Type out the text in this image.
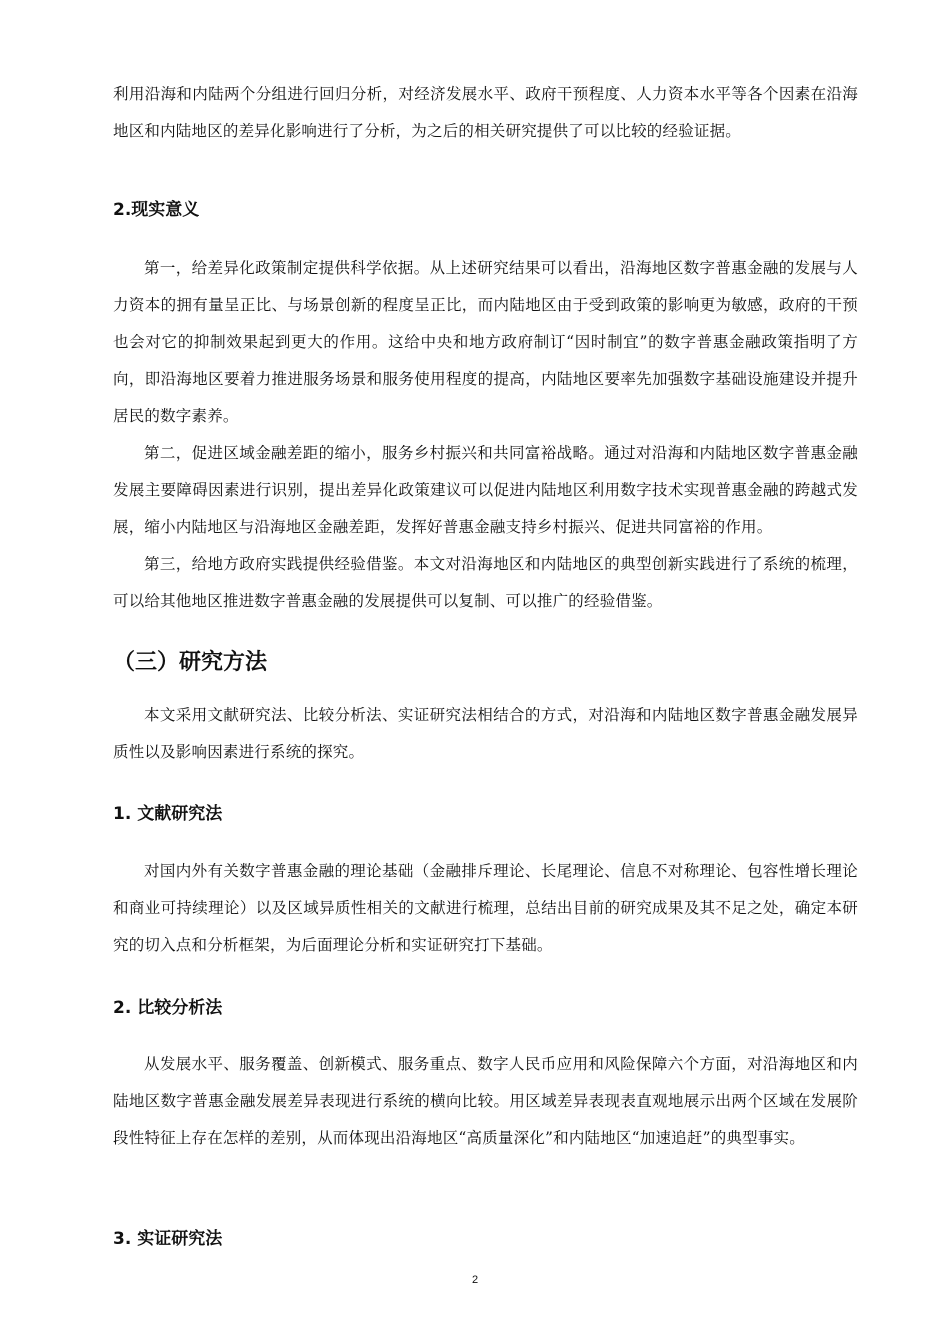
利用沿海和内陆两个分组进行回归分析，对经济发展水平、政府干预程度、人力资本水平等各个因素在沿海地区和内陆地区的差异化影响进行了分析，为之后的相关研究提供了可以比较的经验证据。

2.现实意义

第一，给差异化政策制定提供科学依据。从上述研究结果可以看出，沿海地区数字普惠金融的发展与人力资本的拥有量呈正比、与场景创新的程度呈正比，而内陆地区由于受到政策的影响更为敏感，政府的干预也会对它的抑制效果起到更大的作用。这给中央和地方政府制订“因时制宜”的数字普惠金融政策指明了方向，即沿海地区要着力推进服务场景和服务使用程度的提高，内陆地区要率先加强数字基础设施建设并提升居民的数字素养。

第二，促进区域金融差距的缩小，服务乡村振兴和共同富裕战略。通过对沿海和内陆地区数字普惠金融发展主要障碍因素进行识别，提出差异化政策建议可以促进内陆地区利用数字技术实现普惠金融的跨越式发展，缩小内陆地区与沿海地区金融差距，发挥好普惠金融支持乡村振兴、促进共同富裕的作用。

第三，给地方政府实践提供经验借鉴。本文对沿海地区和内陆地区的典型创新实践进行了系统的梳理，可以给其他地区推进数字普惠金融的发展提供可以复制、可以推广的经验借鉴。

（三）研究方法

本文采用文献研究法、比较分析法、实证研究法相结合的方式，对沿海和内陆地区数字普惠金融发展异质性以及影响因素进行系统的探究。

1. 文献研究法

对国内外有关数字普惠金融的理论基础（金融排斥理论、长尾理论、信息不对称理论、包容性增长理论和商业可持续理论）以及区域异质性相关的文献进行梳理，总结出目前的研究成果及其不足之处，确定本研究的切入点和分析框架，为后面理论分析和实证研究打下基础。

2. 比较分析法

从发展水平、服务覆盖、创新模式、服务重点、数字人民币应用和风险保障六个方面，对沿海地区和内陆地区数字普惠金融发展差异表现进行系统的横向比较。用区域差异表现表直观地展示出两个区域在发展阶段性特征上存在怎样的差别，从而体现出沿海地区“高质量深化”和内陆地区“加速追赶”的典型事实。

3. 实证研究法
2
